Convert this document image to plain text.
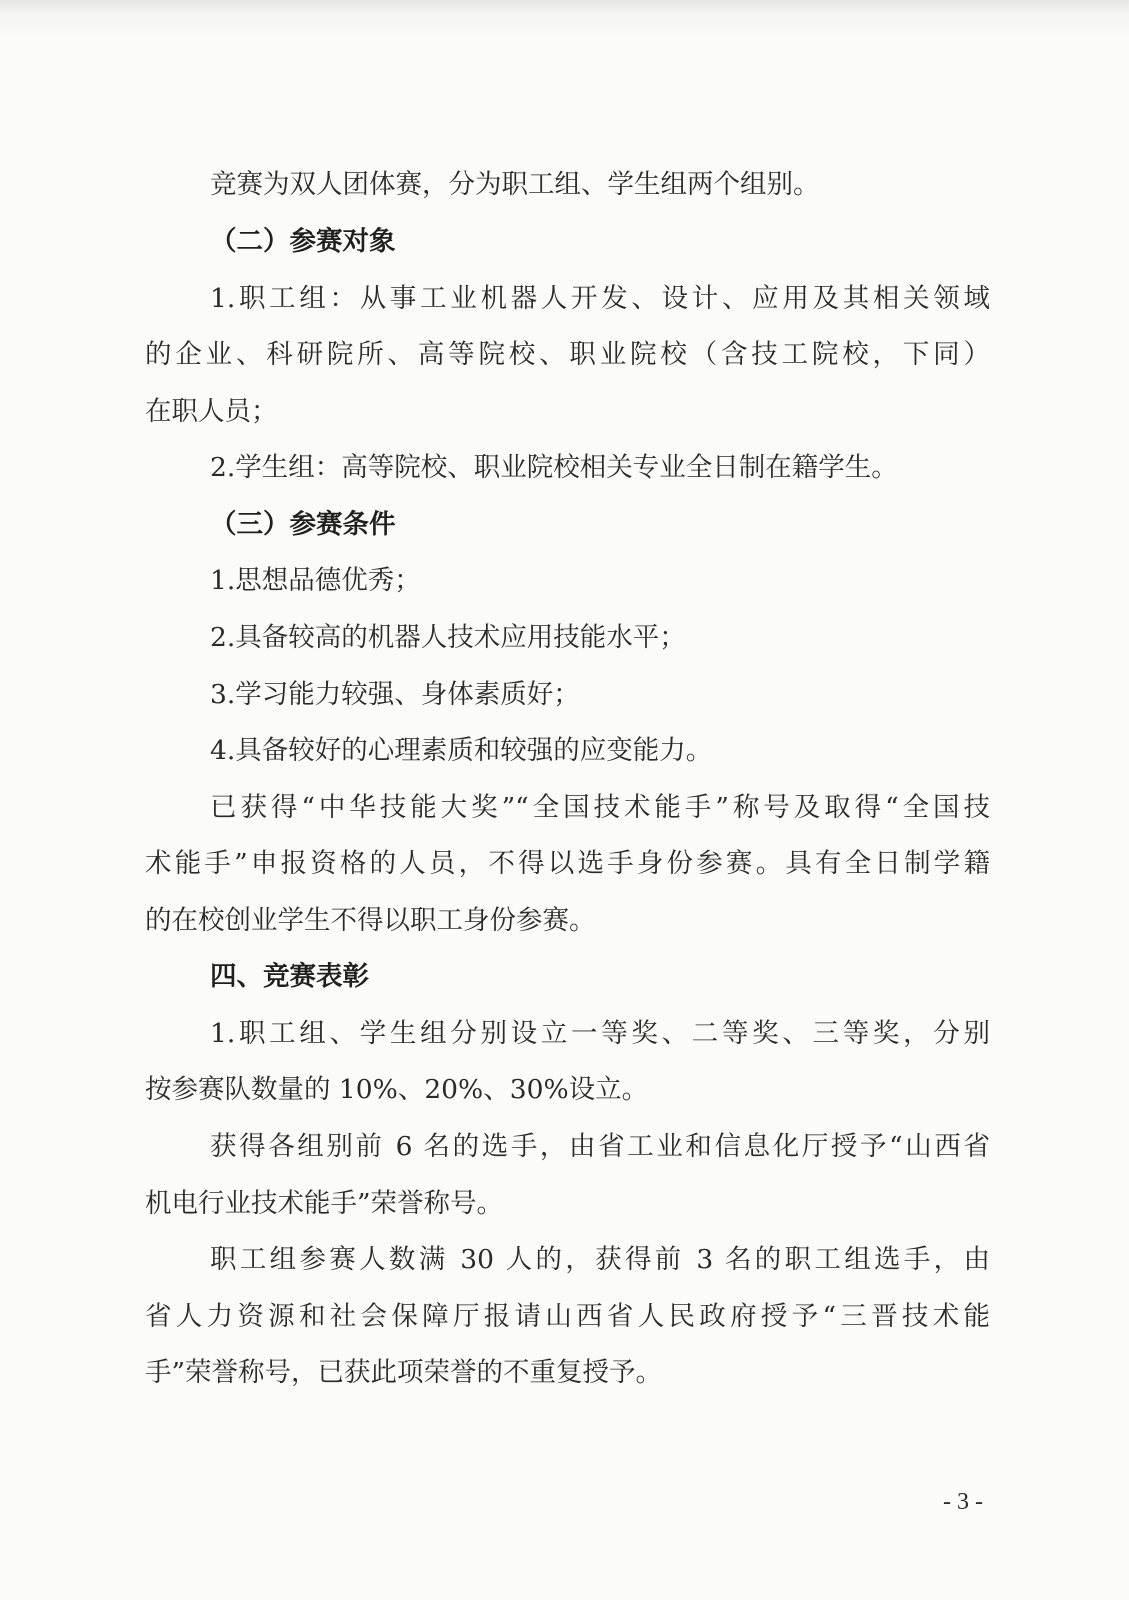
竞赛为双人团体赛，分为职工组、学生组两个组别。
（二）参赛对象
1.职工组：从事工业机器人开发、设计、应用及其相关领域
的企业、科研院所、高等院校、职业院校（含技工院校，下同）
在职人员；
2.学生组：高等院校、职业院校相关专业全日制在籍学生。
（三）参赛条件
1.思想品德优秀；
2.具备较高的机器人技术应用技能水平；
3.学习能力较强、身体素质好；
4.具备较好的心理素质和较强的应变能力。
已获得“中华技能大奖”“全国技术能手”称号及取得“全国技
术能手”申报资格的人员，不得以选手身份参赛。具有全日制学籍
的在校创业学生不得以职工身份参赛。
四、竞赛表彰
1.职工组、学生组分别设立一等奖、二等奖、三等奖，分别
按参赛队数量的 10%、20%、30%设立。
获得各组别前 6 名的选手，由省工业和信息化厅授予“山西省
机电行业技术能手”荣誉称号。
职工组参赛人数满 30 人的，获得前 3 名的职工组选手，由
省人力资源和社会保障厅报请山西省人民政府授予“三晋技术能
手”荣誉称号，已获此项荣誉的不重复授予。
- 3 -
